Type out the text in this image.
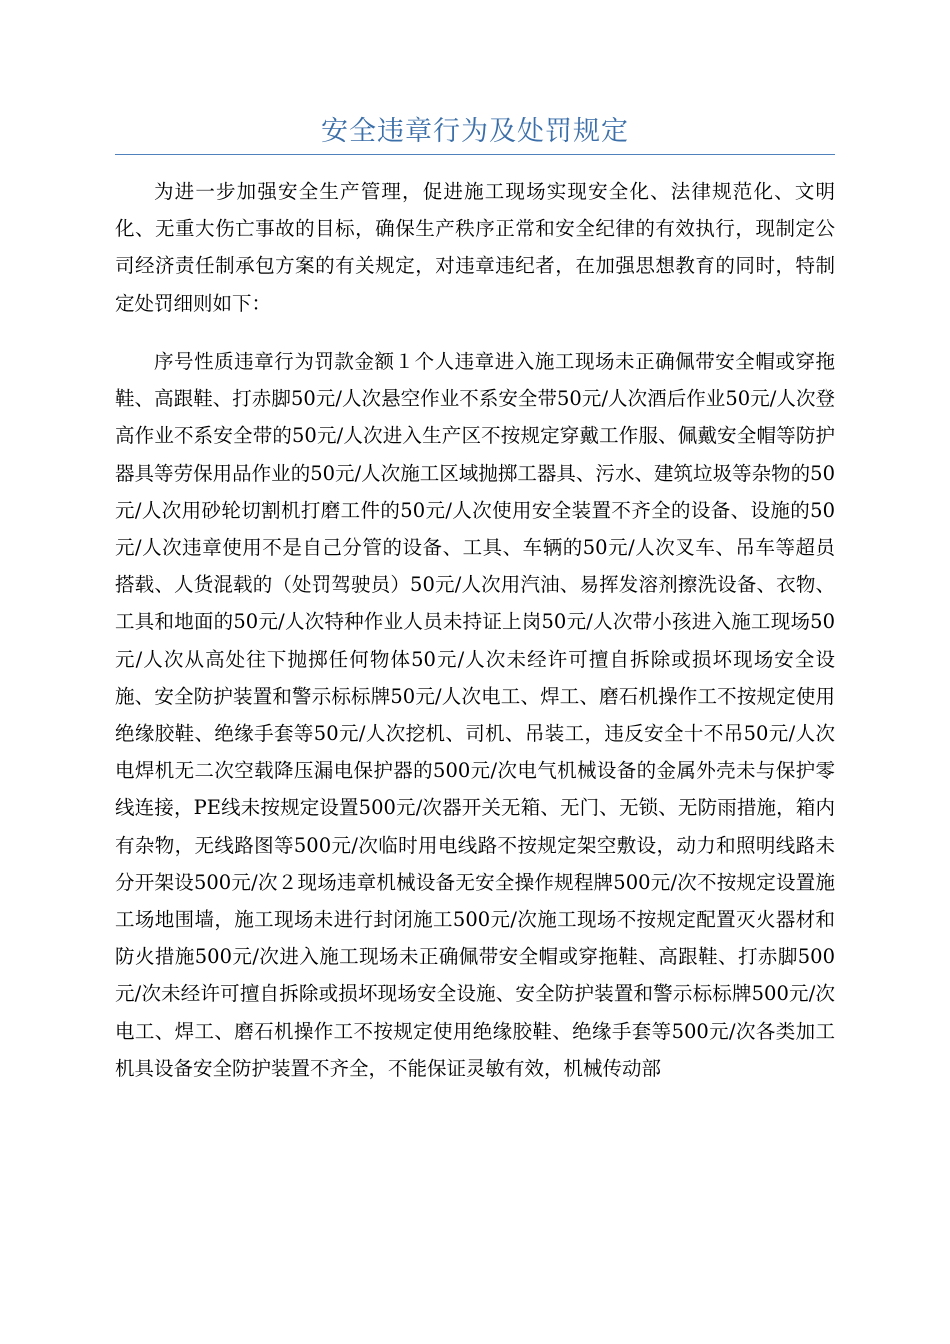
安全违章行为及处罚规定

为进一步加强安全生产管理，促进施工现场实现安全化、法律规范化、文明化、无重大伤亡事故的目标，确保生产秩序正常和安全纪律的有效执行，现制定公司经济责任制承包方案的有关规定，对违章违纪者，在加强思想教育的同时，特制定处罚细则如下：

序号性质违章行为罚款金额１个人违章进入施工现场未正确佩带安全帽或穿拖鞋、高跟鞋、打赤脚50元/人次悬空作业不系安全带50元/人次酒后作业50元/人次登高作业不系安全带的50元/人次进入生产区不按规定穿戴工作服、佩戴安全帽等防护器具等劳保用品作业的50元/人次施工区域抛掷工器具、污水、建筑垃圾等杂物的50元/人次用砂轮切割机打磨工件的50元/人次使用安全装置不齐全的设备、设施的50元/人次违章使用不是自己分管的设备、工具、车辆的50元/人次叉车、吊车等超员搭载、人货混载的（处罚驾驶员）50元/人次用汽油、易挥发溶剂擦洗设备、衣物、工具和地面的50元/人次特种作业人员未持证上岗50元/人次带小孩进入施工现场50元/人次从高处往下抛掷任何物体50元/人次未经许可擅自拆除或损坏现场安全设施、安全防护装置和警示标标牌50元/人次电工、焊工、磨石机操作工不按规定使用绝缘胶鞋、绝缘手套等50元/人次挖机、司机、吊装工，违反安全十不吊50元/人次电焊机无二次空载降压漏电保护器的500元/次电气机械设备的金属外壳未与保护零线连接，PE线未按规定设置500元/次器开关无箱、无门、无锁、无防雨措施，箱内有杂物，无线路图等500元/次临时用电线路不按规定架空敷设，动力和照明线路未分开架设500元/次２现场违章机械设备无安全操作规程牌500元/次不按规定设置施工场地围墙，施工现场未进行封闭施工500元/次施工现场不按规定配置灭火器材和防火措施500元/次进入施工现场未正确佩带安全帽或穿拖鞋、高跟鞋、打赤脚500元/次未经许可擅自拆除或损坏现场安全设施、安全防护装置和警示标标牌500元/次电工、焊工、磨石机操作工不按规定使用绝缘胶鞋、绝缘手套等500元/次各类加工机具设备安全防护装置不齐全，不能保证灵敏有效，机械传动部
